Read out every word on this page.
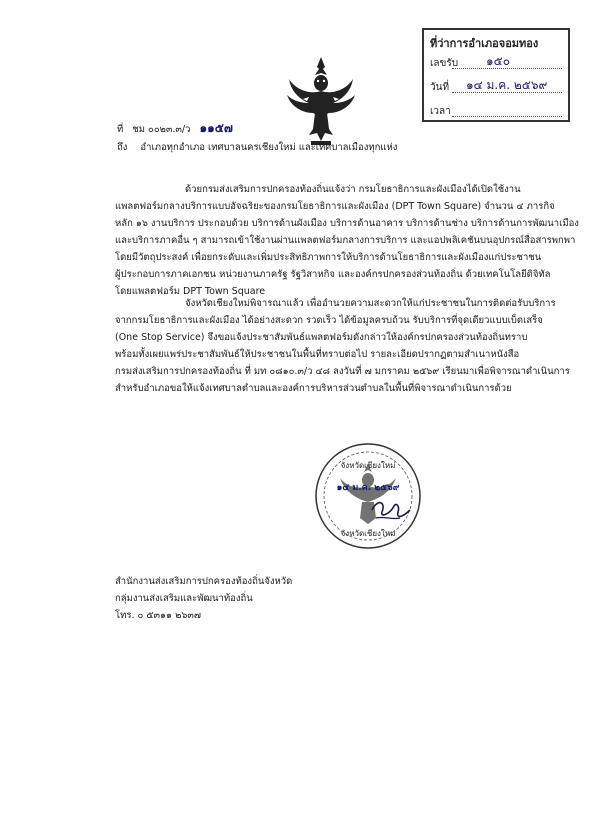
ที่ว่าการอำเภอจอมทอง
เลขรับ ๑๕๐
วันที่ ๑๔ ม.ค. ๒๕๖๙
เวลา
ที่ ชม ๐๐๒๓.๓/ว ๑๑๕๗
ถึง อำเภอทุกอำเภอ เทศบาลนครเชียงใหม่ และเทศบาลเมืองทุกแห่ง
ด้วยกรมส่งเสริมการปกครองท้องถิ่นแจ้งว่า กรมโยธาธิการและผังเมืองได้เปิดใช้งาน
แพลตฟอร์มกลางบริการแบบอัจฉริยะของกรมโยธาธิการและผังเมือง (DPT Town Square) จำนวน ๔ ภารกิจ
หลัก ๑๖ งานบริการ ประกอบด้วย บริการด้านผังเมือง บริการด้านอาคาร บริการด้านช่าง บริการด้านการพัฒนาเมือง
และบริการภาคอื่น ๆ สามารถเข้าใช้งานผ่านแพลตฟอร์มกลางการบริการ และแอปพลิเคชันบนอุปกรณ์สื่อสารพกพา
โดยมีวัตถุประสงค์ เพื่อยกระดับและเพิ่มประสิทธิภาพการให้บริการด้านโยธาธิการและผังเมืองแก่ประชาชน
ผู้ประกอบการภาคเอกชน หน่วยงานภาครัฐ รัฐวิสาหกิจ และองค์กรปกครองส่วนท้องถิ่น ด้วยเทคโนโลยีดิจิทัล
โดยแพลตฟอร์ม DPT Town Square
จังหวัดเชียงใหม่พิจารณาแล้ว เพื่ออำนวยความสะดวกให้แก่ประชาชนในการติดต่อรับบริการ
จากกรมโยธาธิการและผังเมือง ได้อย่างสะดวก รวดเร็ว ได้ข้อมูลครบถ้วน รับบริการที่จุดเดียวแบบเบ็ดเสร็จ
(One Stop Service) จึงขอแจ้งประชาสัมพันธ์แพลตฟอร์มดังกล่าวให้องค์กรปกครองส่วนท้องถิ่นทราบ
พร้อมทั้งเผยแพร่ประชาสัมพันธ์ให้ประชาชนในพื้นที่ทราบต่อไป รายละเอียดปรากฏตามสำเนาหนังสือ
กรมส่งเสริมการปกครองท้องถิ่น ที่ มท ๐๘๑๐.๓/ว ๔๘ ลงวันที่ ๗ มกราคม ๒๕๖๙ เรียนมาเพื่อพิจารณาดำเนินการ
สำหรับอำเภอขอให้แจ้งเทศบาลตำบลและองค์การบริหารส่วนตำบลในพื้นที่พิจารณาดำเนินการด้วย
จังหวัดเชียงใหม่
๑๔ ม.ค. ๒๕๖๙
จังหวัดเชียงใหม่
สำนักงานส่งเสริมการปกครองท้องถิ่นจังหวัด
กลุ่มงานส่งเสริมและพัฒนาท้องถิ่น
โทร. ๐ ๕๓๑๑ ๒๖๓๗
